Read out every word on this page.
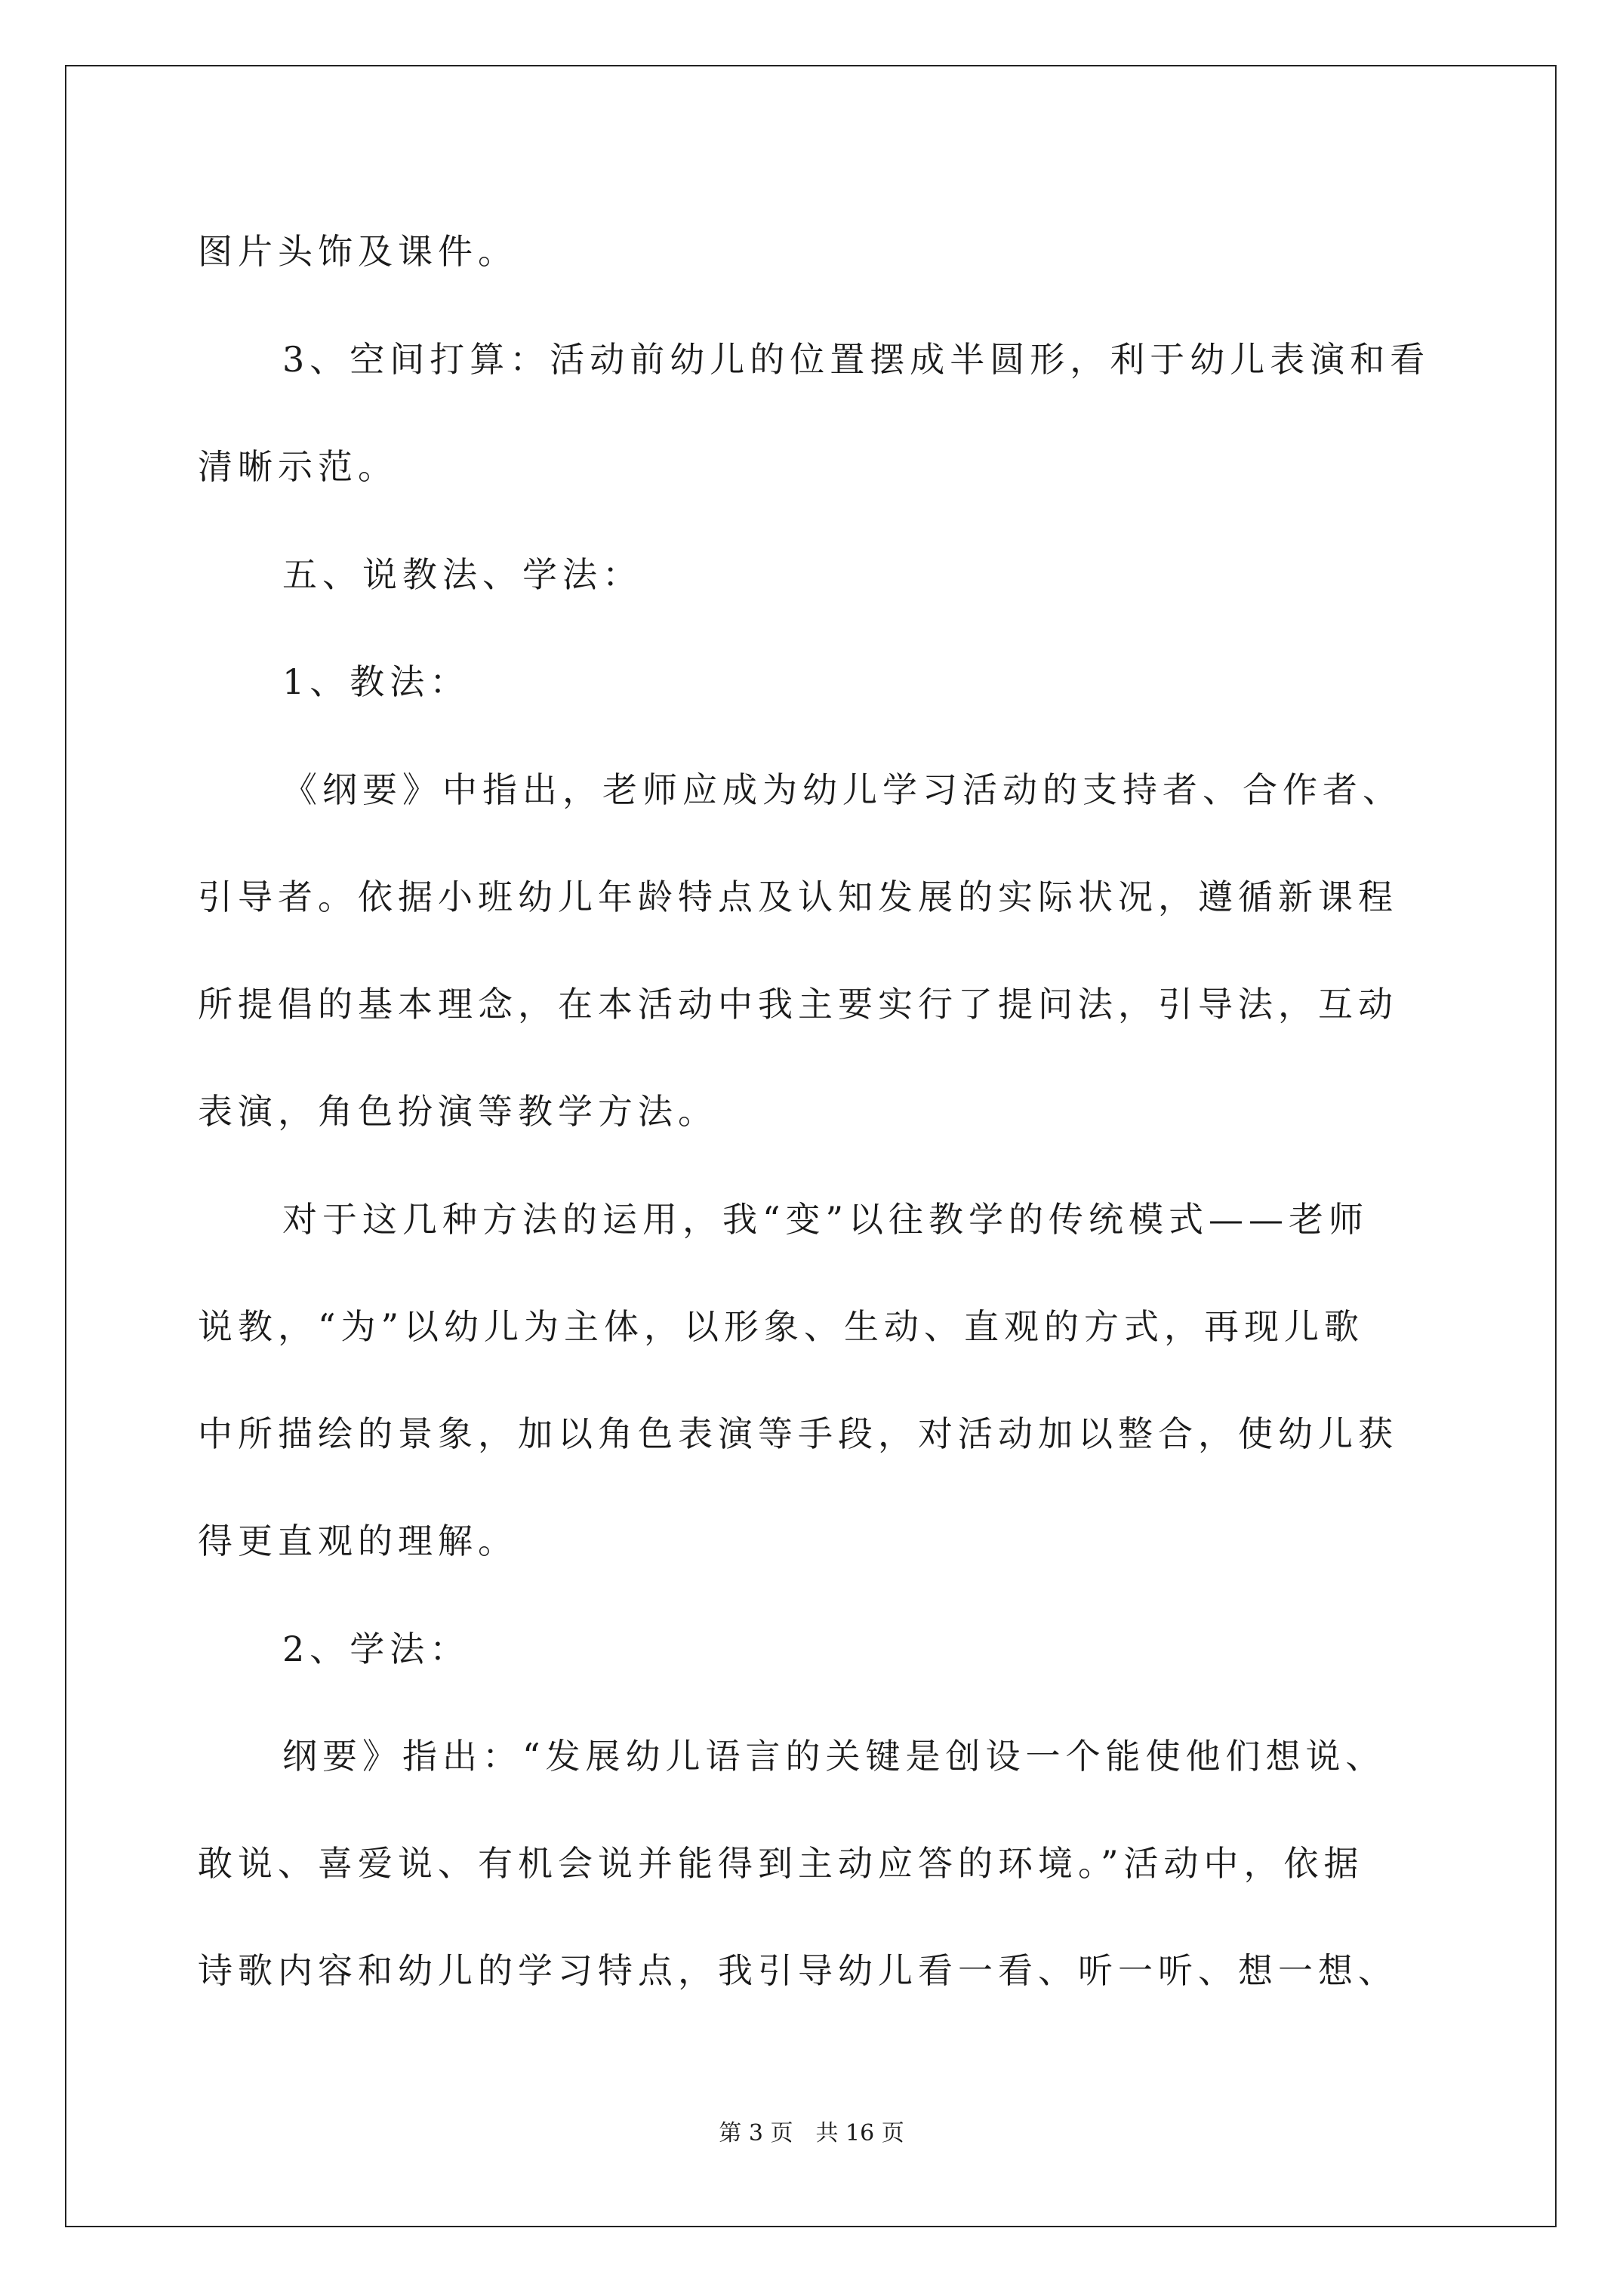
图片头饰及课件。
3、空间打算：活动前幼儿的位置摆成半圆形，利于幼儿表演和看
清晰示范。
五、说教法、学法：
1、教法：
《纲要》中指出，老师应成为幼儿学习活动的支持者、合作者、
引导者。依据小班幼儿年龄特点及认知发展的实际状况，遵循新课程
所提倡的基本理念，在本活动中我主要实行了提问法，引导法，互动
表演，角色扮演等教学方法。
对于这几种方法的运用，我“变”以往教学的传统模式——老师
说教，“为”以幼儿为主体，以形象、生动、直观的方式，再现儿歌
中所描绘的景象，加以角色表演等手段，对活动加以整合，使幼儿获
得更直观的理解。
2、学法：
纲要》指出：“发展幼儿语言的关键是创设一个能使他们想说、
敢说、喜爱说、有机会说并能得到主动应答的环境。”活动中，依据
诗歌内容和幼儿的学习特点，我引导幼儿看一看、听一听、想一想、
第 3 页　共 16 页
